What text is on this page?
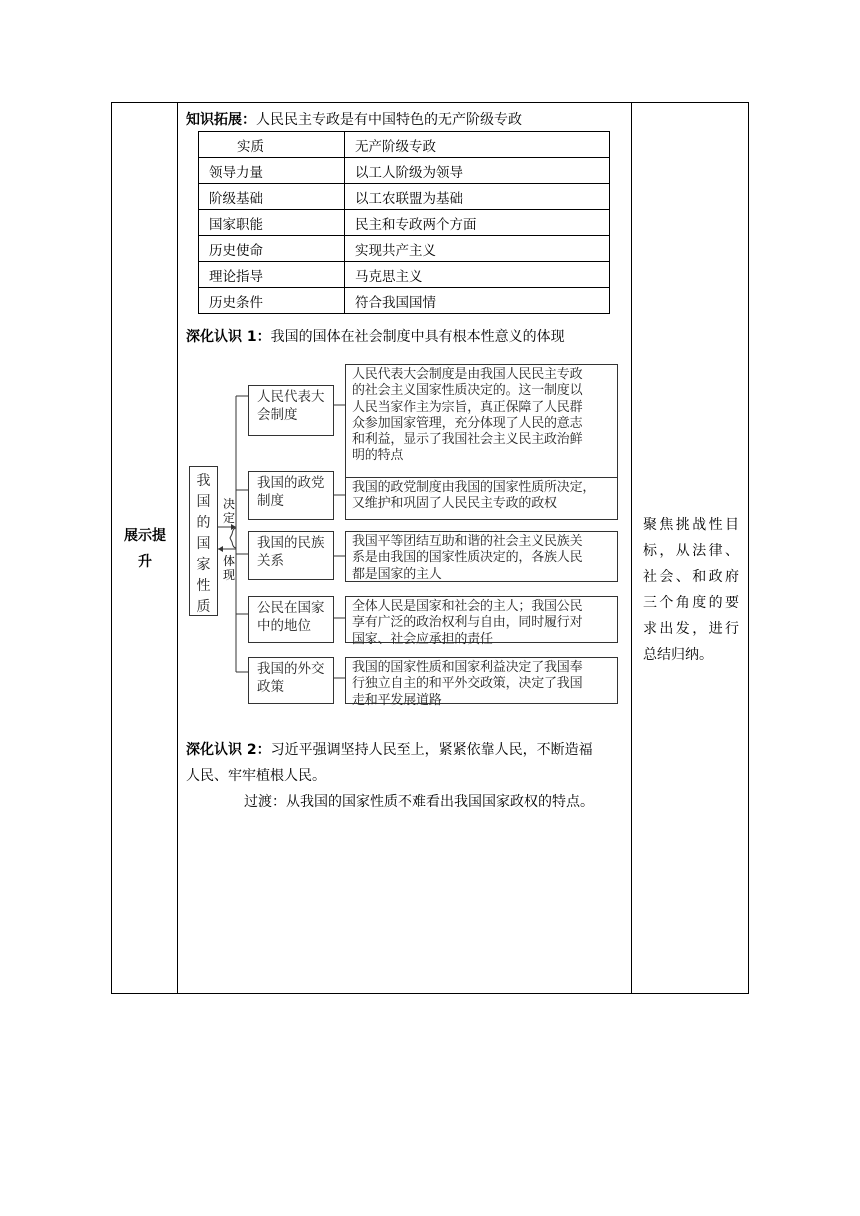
展示提
升
知识拓展：人民民主专政是有中国特色的无产阶级专政
实质	无产阶级专政
领导力量	以工人阶级为领导
阶级基础	以工农联盟为基础
国家职能	民主和专政两个方面
历史使命	实现共产主义
理论指导	马克思主义
历史条件	符合我国国情
深化认识 1：我国的国体在社会制度中具有根本性意义的体现
决
定
体
现
我
国
的
国
家
性
质
人民代表大
会制度
人民代表大会制度是由我国人民民主专政
的社会主义国家性质决定的。这一制度以
人民当家作主为宗旨，真正保障了人民群
众参加国家管理，充分体现了人民的意志
和利益，显示了我国社会主义民主政治鲜
明的特点
我国的政党
制度
我国的政党制度由我国的国家性质所决定，
又维护和巩固了人民民主专政的政权
我国的民族
关系
我国平等团结互助和谐的社会主义民族关
系是由我国的国家性质决定的，各族人民
都是国家的主人
公民在国家
中的地位
全体人民是国家和社会的主人；我国公民
享有广泛的政治权利与自由，同时履行对
国家、社会应承担的责任
我国的外交
政策
我国的国家性质和国家利益决定了我国奉
行独立自主的和平外交政策，决定了我国
走和平发展道路
深化认识 2：习近平强调坚持人民至上，紧紧依靠人民，不断造福
人民、牢牢植根人民。
过渡：从我国的国家性质不难看出我国国家政权的特点。
聚焦挑战性目标，从法律、社会、和政府三个角度的要求出发，进行总结归纳。
